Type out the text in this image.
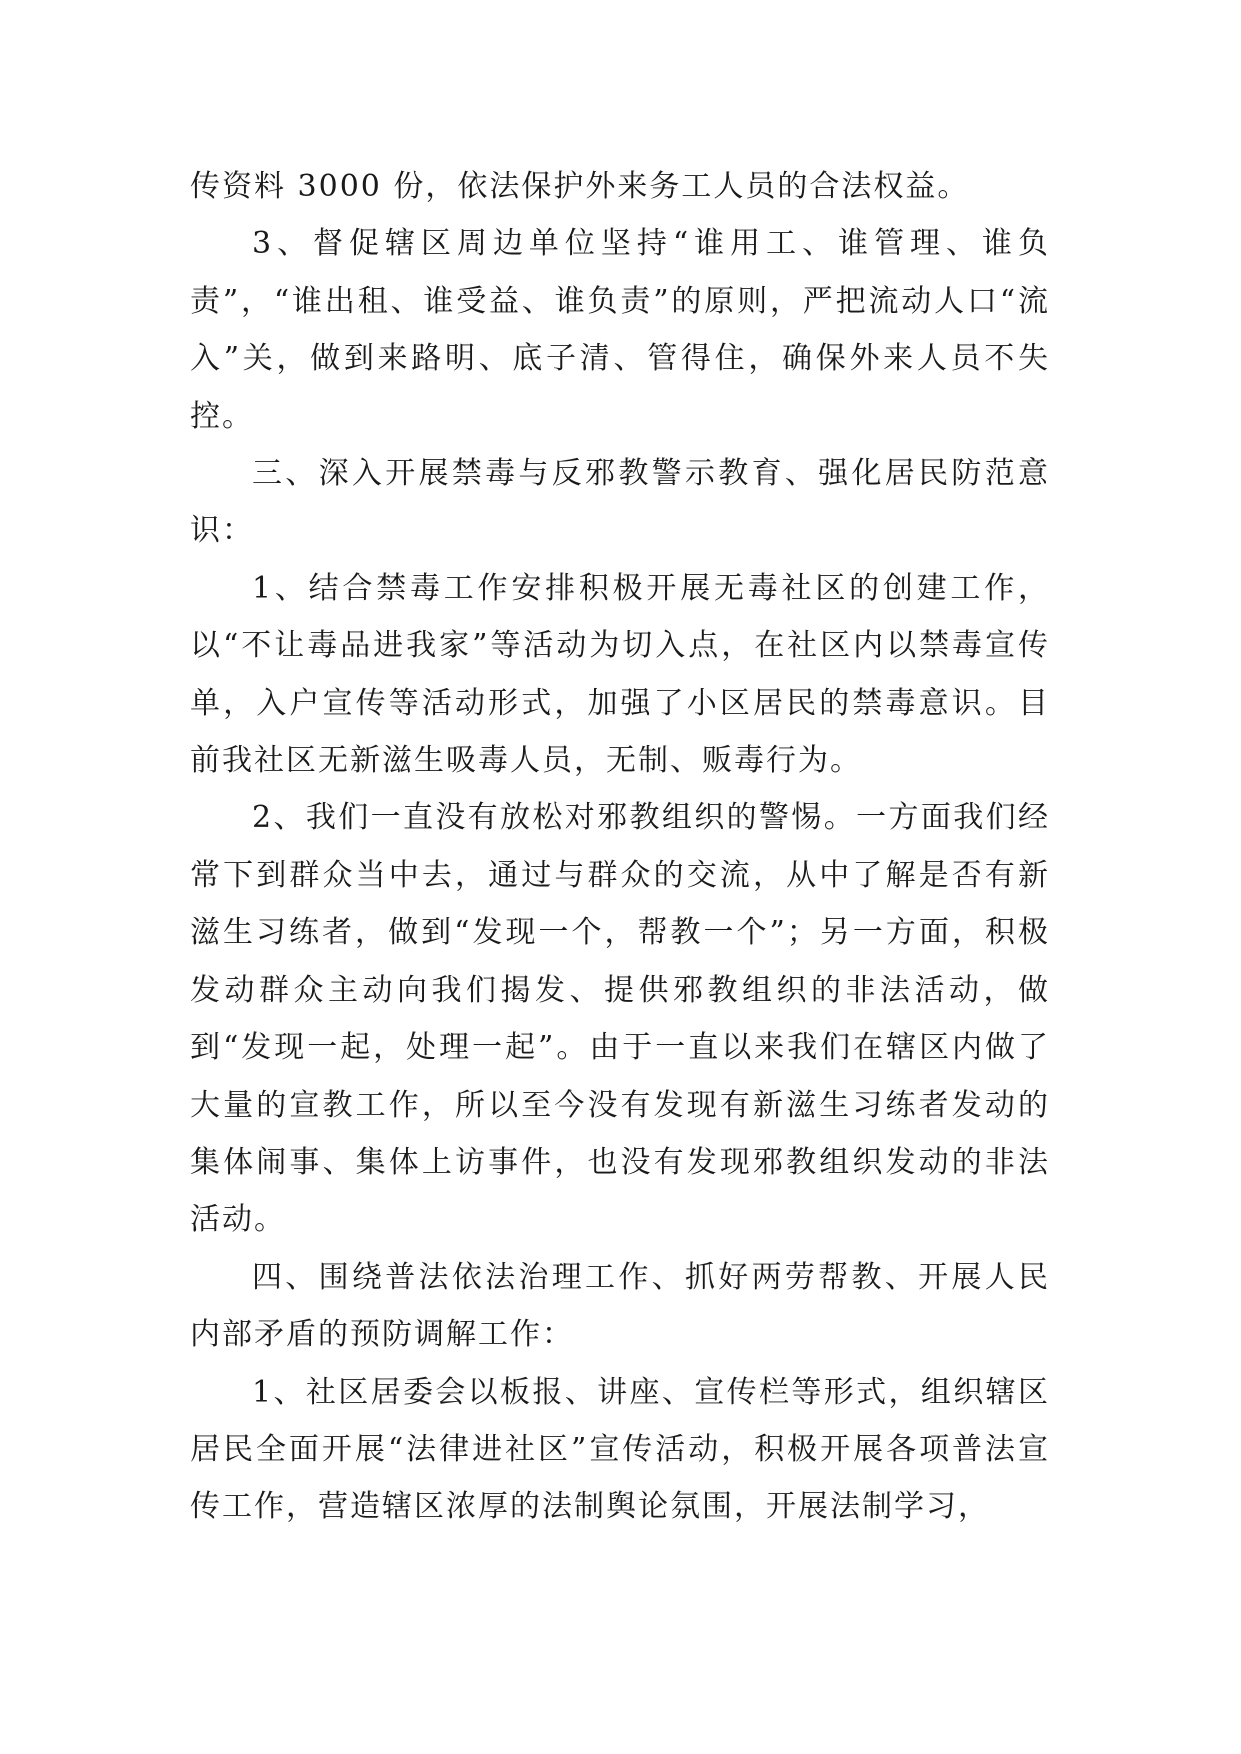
传资料 3000 份，依法保护外来务工人员的合法权益。

3、督促辖区周边单位坚持“谁用工、谁管理、谁负责”，“谁出租、谁受益、谁负责”的原则，严把流动人口“流入”关，做到来路明、底子清、管得住，确保外来人员不失控。

三、深入开展禁毒与反邪教警示教育、强化居民防范意识：

1、结合禁毒工作安排积极开展无毒社区的创建工作，以“不让毒品进我家”等活动为切入点，在社区内以禁毒宣传单，入户宣传等活动形式，加强了小区居民的禁毒意识。目前我社区无新滋生吸毒人员，无制、贩毒行为。

2、我们一直没有放松对邪教组织的警惕。一方面我们经常下到群众当中去，通过与群众的交流，从中了解是否有新滋生习练者，做到“发现一个，帮教一个”；另一方面，积极发动群众主动向我们揭发、提供邪教组织的非法活动，做到“发现一起，处理一起”。由于一直以来我们在辖区内做了大量的宣教工作，所以至今没有发现有新滋生习练者发动的集体闹事、集体上访事件，也没有发现邪教组织发动的非法活动。

四、围绕普法依法治理工作、抓好两劳帮教、开展人民内部矛盾的预防调解工作：

1、社区居委会以板报、讲座、宣传栏等形式，组织辖区居民全面开展“法律进社区”宣传活动，积极开展各项普法宣传工作，营造辖区浓厚的法制舆论氛围，开展法制学习，
